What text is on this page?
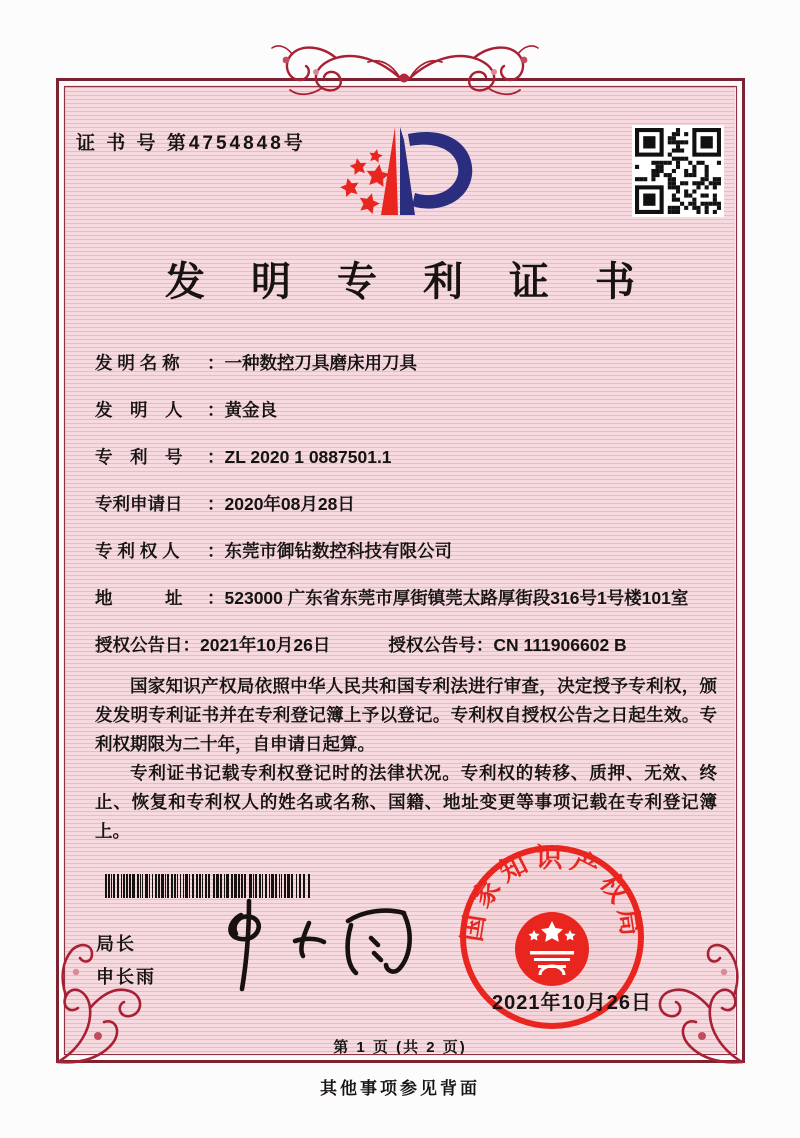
证 书 号 第4754848号
发 明 专 利 证 书
发 明 名 称	： 一种数控刀具磨床用刀具
发　明　人	： 黄金良
专　利　号	： ZL 2020 1 0887501.1
专利申请日	： 2020年08月28日
专 利 权 人	： 东莞市御钻数控科技有限公司
地　　　址	： 523000 广东省东莞市厚街镇莞太路厚街段316号1号楼101室
授权公告日 ： 2021年10月26日	授权公告号 ： CN 111906602 B

国家知识产权局依照中华人民共和国专利法进行审查，决定授予专利权，颁发发明专利证书并在专利登记簿上予以登记。专利权自授权公告之日起生效。专利权期限为二十年，自申请日起算。

专利证书记载专利权登记时的法律状况。专利权的转移、质押、无效、终止、恢复和专利权人的姓名或名称、国籍、地址变更等事项记载在专利登记簿上。

局长
申长雨
国家知识产权局
2021年10月26日
第 1 页 (共 2 页)
其他事项参见背面
